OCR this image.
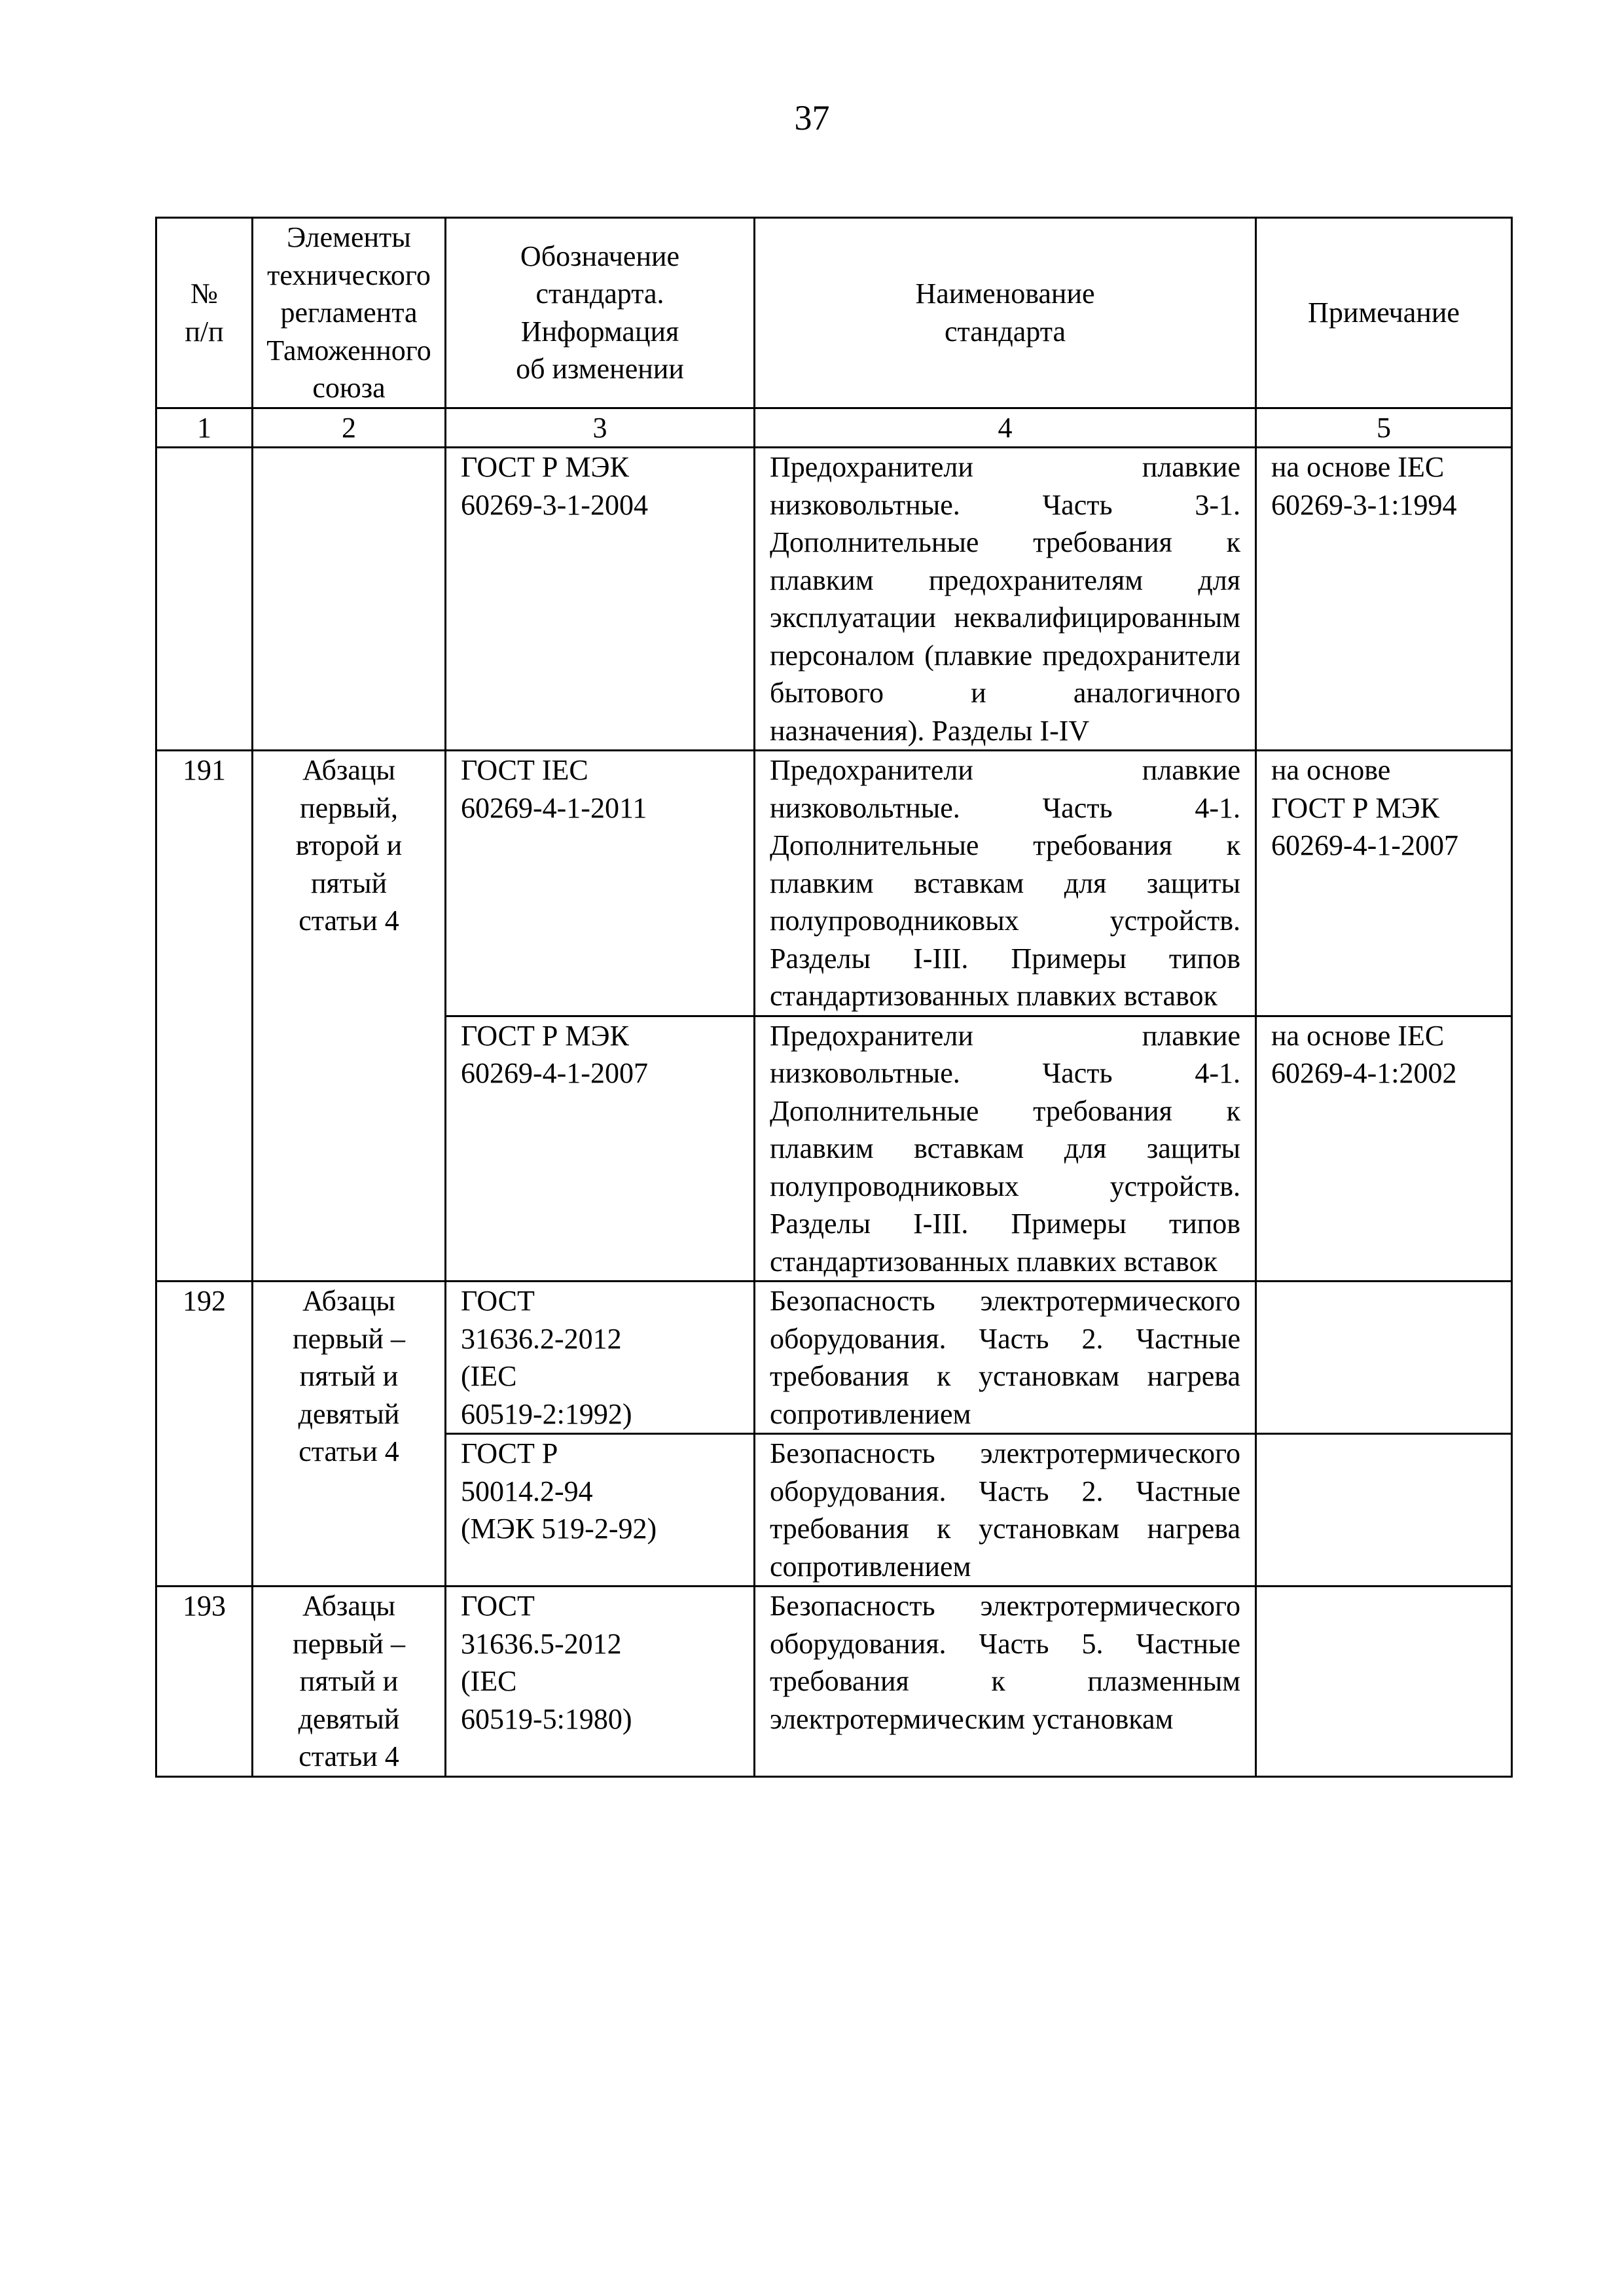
37
№
п/п	Элементы
технического
регламента
Таможенного
союза	Обозначение
стандарта.
Информация
об изменении	Наименование
стандарта	Примечание
1	2	3	4	5

		ГОСТ Р МЭК
60269-3-1-2004	Предохранители плавкие низковольтные. Часть 3-1. Дополнительные требования к плавким предохранителям для эксплуатации неквалифицированным персоналом (плавкие предохранители бытового и аналогичного назначения). Разделы I-IV	на основе IEC
60269-3-1:1994

191	Абзацы
первый,
второй и
пятый
статьи 4	ГОСТ IEC
60269-4-1-2011	Предохранители плавкие низковольтные. Часть 4-1. Дополнительные требования к плавким вставкам для защиты полупроводниковых устройств. Разделы I-III. Примеры типов стандартизованных плавких вставок	на основе
ГОСТ Р МЭК
60269-4-1-2007

		ГОСТ Р МЭК
60269-4-1-2007	Предохранители плавкие низковольтные. Часть 4-1. Дополнительные требования к плавким вставкам для защиты полупроводниковых устройств. Разделы I-III. Примеры типов стандартизованных плавких вставок	на основе IEC
60269-4-1:2002

192	Абзацы
первый –
пятый и
девятый
статьи 4	ГОСТ
31636.2-2012
(IEC
60519-2:1992)	Безопасность электротермического оборудования. Часть 2. Частные требования к установкам нагрева сопротивлением	

		ГОСТ Р
50014.2-94
(МЭК 519-2-92)	Безопасность электротермического оборудования. Часть 2. Частные требования к установкам нагрева сопротивлением	
193	Абзацы
первый –
пятый и
девятый
статьи 4	ГОСТ
31636.5-2012
(IEC
60519-5:1980)	Безопасность электротермического оборудования. Часть 5. Частные требования к плазменным электротермическим установкам	
